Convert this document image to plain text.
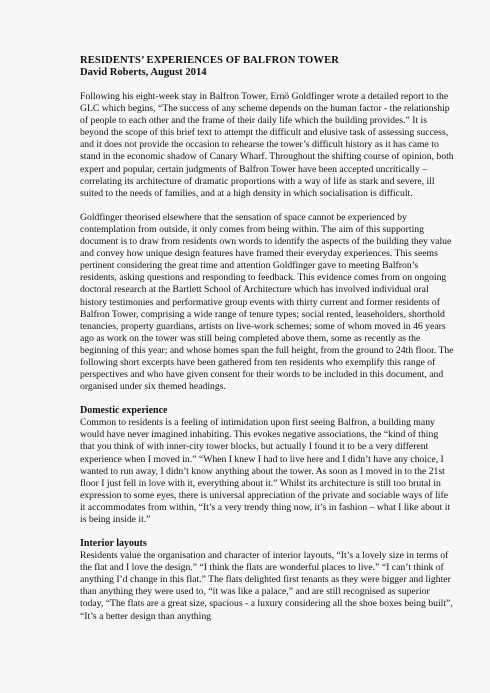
RESIDENTS’ EXPERIENCES OF BALFRON TOWER

David Roberts, August 2014

Following his eight-week stay in Balfron Tower, Ernö Goldfinger wrote a detailed report to the GLC which begins, “The success of any scheme depends on the human factor - the relationship of people to each other and the frame of their daily life which the building provides.” It is beyond the scope of this brief text to attempt the difficult and elusive task of assessing success, and it does not provide the occasion to rehearse the tower’s difficult history as it has came to stand in the economic shadow of Canary Wharf. Throughout the shifting course of opinion, both expert and popular, certain judgments of Balfron Tower have been accepted uncritically – correlating its architecture of dramatic proportions with a way of life as stark and severe, ill suited to the needs of families, and at a high density in which socialisation is difficult.

Goldfinger theorised elsewhere that the sensation of space cannot be experienced by contemplation from outside, it only comes from being within. The aim of this supporting document is to draw from residents own words to identify the aspects of the building they value and convey how unique design features have framed their everyday experiences. This seems pertinent considering the great time and attention Goldfinger gave to meeting Balfron’s residents, asking questions and responding to feedback. This evidence comes from on ongoing doctoral research at the Bartlett School of Architecture which has involved individual oral history testimonies and performative group events with thirty current and former residents of Balfron Tower, comprising a wide range of tenure types; social rented, leaseholders, shorthold tenancies, property guardians, artists on live-work schemes; some of whom moved in 46 years ago as work on the tower was still being completed above them, some as recently as the beginning of this year; and whose homes span the full height, from the ground to 24th floor. The following short excerpts have been gathered from ten residents who exemplify this range of perspectives and who have given consent for their words to be included in this document, and organised under six themed headings.

Domestic experience

Common to residents is a feeling of intimidation upon first seeing Balfron, a building many would have never imagined inhabiting. This evokes negative associations, the “kind of thing that you think of with inner-city tower blocks, but actually I found it to be a very different experience when I moved in.” “When I knew I had to live here and I didn’t have any choice, I wanted to run away, I didn’t know anything about the tower. As soon as I moved in to the 21st floor I just fell in love with it, everything about it.” Whilst its architecture is still too brutal in expression to some eyes, there is universal appreciation of the private and sociable ways of life it accommodates from within, “It’s a very trendy thing now, it’s in fashion – what I like about it is being inside it.”

Interior layouts

Residents value the organisation and character of interior layouts, “It’s a lovely size in terms of the flat and I love the design.” “I think the flats are wonderful places to live.” “I can’t think of anything I’d change in this flat.” The flats delighted first tenants as they were bigger and lighter than anything they were used to, “it was like a palace,” and are still recognised as superior today, “The flats are a great size, spacious - a luxury considering all the shoe boxes being built”, “It’s a better design than anything
